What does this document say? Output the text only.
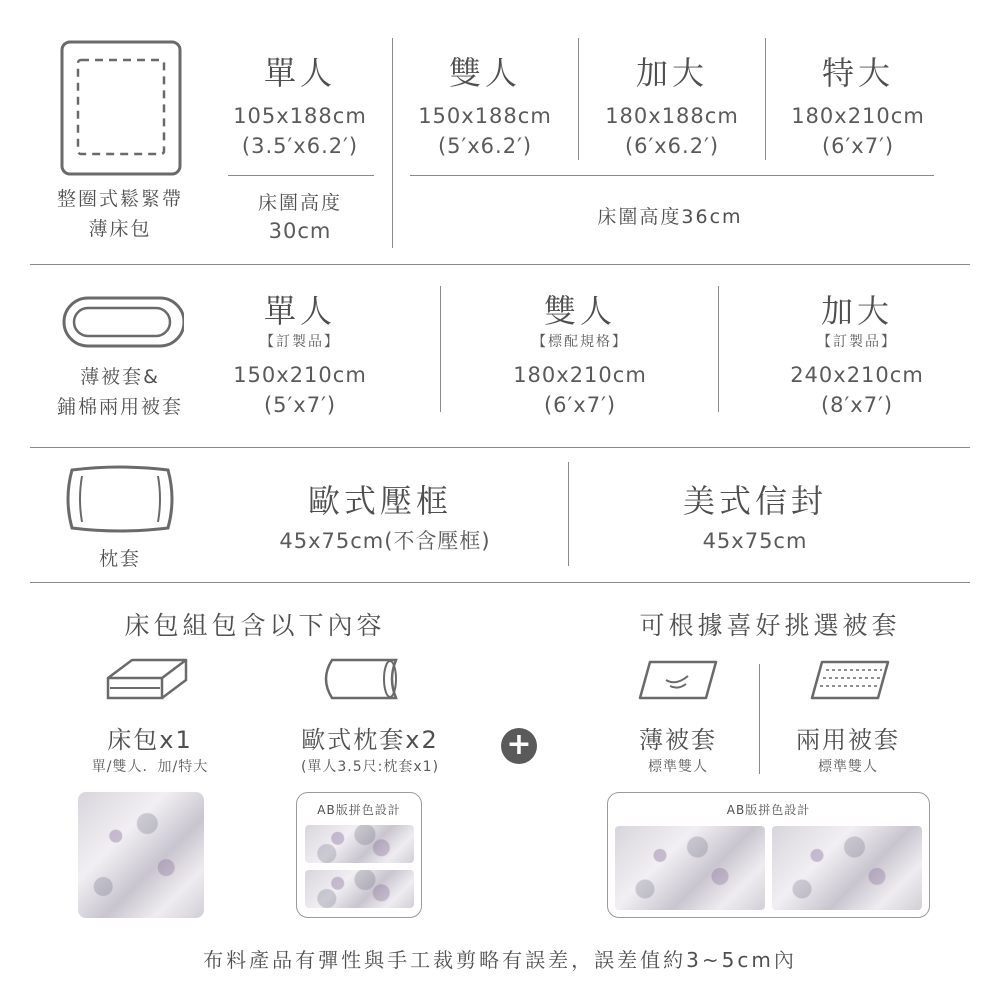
整圈式鬆緊帶
薄床包
單人
105x188cm
(3.5′x6.2′)
雙人
150x188cm
(5′x6.2′)
加大
180x188cm
(6′x6.2′)
特大
180x210cm
(6′x7′)
床圍高度
30cm
床圍高度36cm
薄被套&
鋪棉兩用被套
單人
【訂製品】
150x210cm
(5′x7′)
雙人
【標配規格】
180x210cm
(6′x7′)
加大
【訂製品】
240x210cm
(8′x7′)
枕套
歐式壓框
45x75cm(不含壓框)
美式信封
45x75cm
床包組包含以下內容
床包x1
單/雙人．加/特大
歐式枕套x2
(單人3.5尺:枕套x1)
AB版拼色設計
+
可根據喜好挑選被套
薄被套
標準雙人
兩用被套
標準雙人
AB版拼色設計
布料產品有彈性與手工裁剪略有誤差，誤差值約3~5cm內
